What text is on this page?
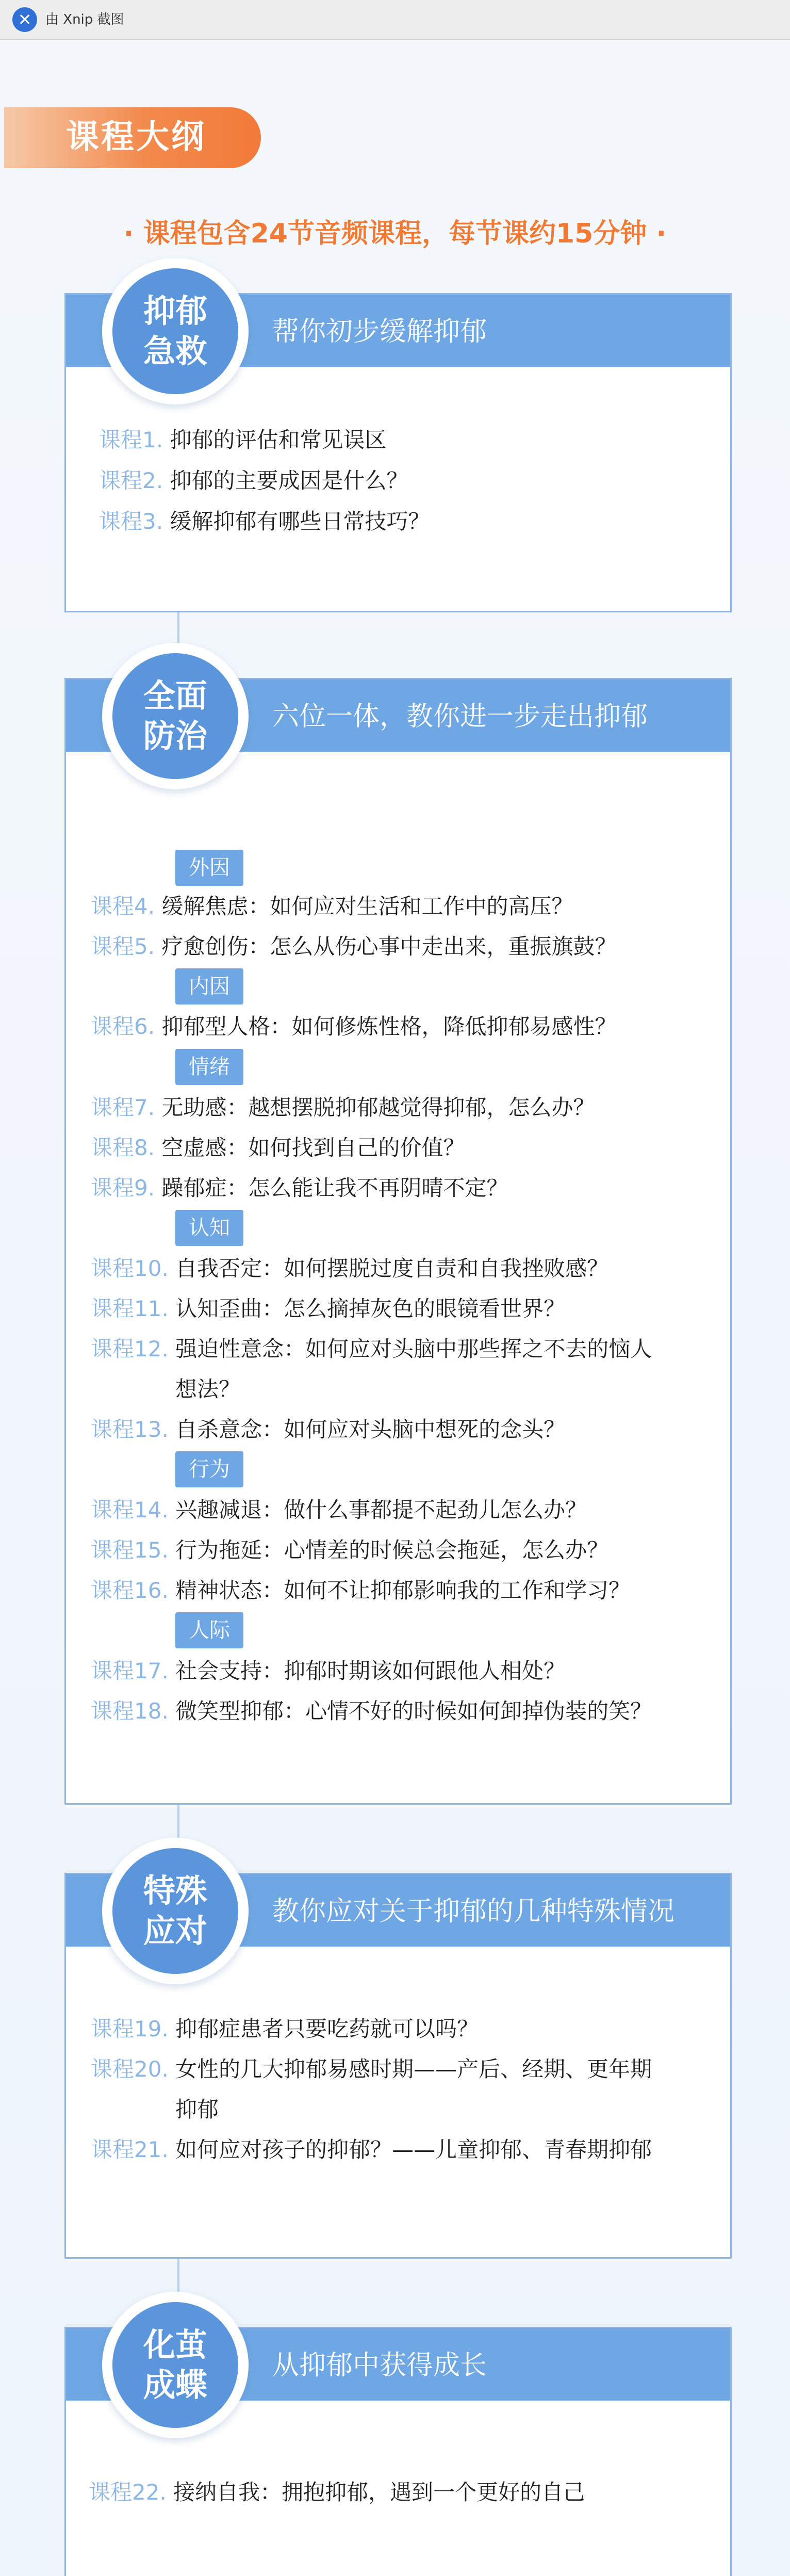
✕	由 Xnip 截图
课程大纲
· 课程包含24节音频课程，每节课约15分钟 ·
帮你初步缓解抑郁
课程1. 抑郁的评估和常见误区
课程2. 抑郁的主要成因是什么？
课程3. 缓解抑郁有哪些日常技巧？
抑郁
急救
六位一体，教你进一步走出抑郁
外因
课程4. 缓解焦虑：如何应对生活和工作中的高压？
课程5. 疗愈创伤：怎么从伤心事中走出来，重振旗鼓？
内因
课程6. 抑郁型人格：如何修炼性格，降低抑郁易感性？
情绪
课程7. 无助感：越想摆脱抑郁越觉得抑郁，怎么办？
课程8. 空虚感：如何找到自己的价值？
课程9. 躁郁症：怎么能让我不再阴晴不定？
认知
课程10. 自我否定：如何摆脱过度自责和自我挫败感？
课程11. 认知歪曲：怎么摘掉灰色的眼镜看世界？
课程12. 强迫性意念：如何应对头脑中那些挥之不去的恼人
想法？
课程13. 自杀意念：如何应对头脑中想死的念头？
行为
课程14. 兴趣减退：做什么事都提不起劲儿怎么办？
课程15. 行为拖延：心情差的时候总会拖延，怎么办？
课程16. 精神状态：如何不让抑郁影响我的工作和学习？
人际
课程17. 社会支持：抑郁时期该如何跟他人相处？
课程18. 微笑型抑郁：心情不好的时候如何卸掉伪装的笑？
全面
防治
教你应对关于抑郁的几种特殊情况
课程19. 抑郁症患者只要吃药就可以吗？
课程20. 女性的几大抑郁易感时期——产后、经期、更年期
抑郁
课程21. 如何应对孩子的抑郁？——儿童抑郁、青春期抑郁
特殊
应对
从抑郁中获得成长
课程22. 接纳自我：拥抱抑郁，遇到一个更好的自己
化茧
成蝶
